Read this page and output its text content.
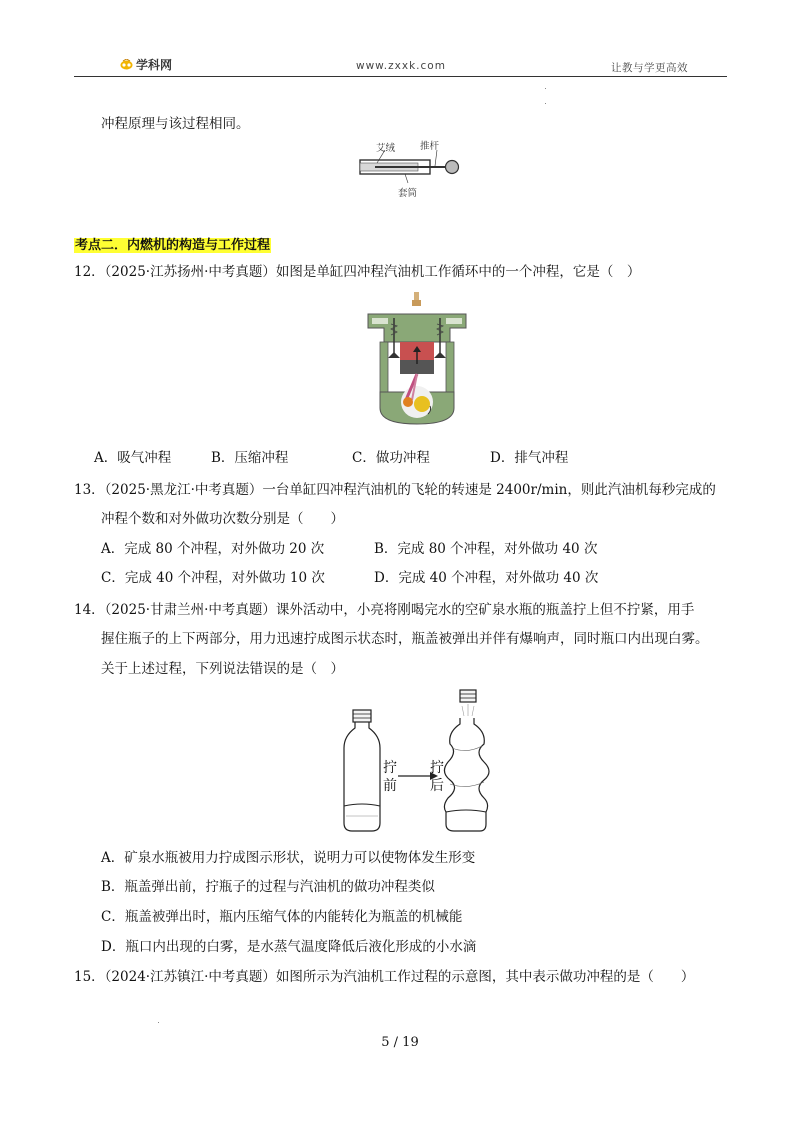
学科网	www.zxxk.com	让教与学更高效
冲程原理与该过程相同。
艾绒	推杆
套筒
考点二．内燃机的构造与工作过程
12．（2025·江苏扬州·中考真题）如图是单缸四冲程汽油机工作循环中的一个冲程，它是（　）
A．吸气冲程	B．压缩冲程	C．做功冲程	D．排气冲程
13．（2025·黑龙江·中考真题）一台单缸四冲程汽油机的飞轮的转速是 2400r/min，则此汽油机每秒完成的
冲程个数和对外做功次数分别是（　　）
A．完成 80 个冲程，对外做功 20 次	B．完成 80 个冲程，对外做功 40 次
C．完成 40 个冲程，对外做功 10 次	D．完成 40 个冲程，对外做功 40 次
14．（2025·甘肃兰州·中考真题）课外活动中，小亮将刚喝完水的空矿泉水瓶的瓶盖拧上但不拧紧，用手
握住瓶子的上下两部分，用力迅速拧成图示状态时，瓶盖被弹出并伴有爆响声，同时瓶口内出现白雾。
关于上述过程，下列说法错误的是（　）
拧
前
拧
后
A．矿泉水瓶被用力拧成图示形状，说明力可以使物体发生形变
B．瓶盖弹出前，拧瓶子的过程与汽油机的做功冲程类似
C．瓶盖被弹出时，瓶内压缩气体的内能转化为瓶盖的机械能
D．瓶口内出现的白雾，是水蒸气温度降低后液化形成的小水滴
15．（2024·江苏镇江·中考真题）如图所示为汽油机工作过程的示意图，其中表示做功冲程的是（　　）
5 / 19
